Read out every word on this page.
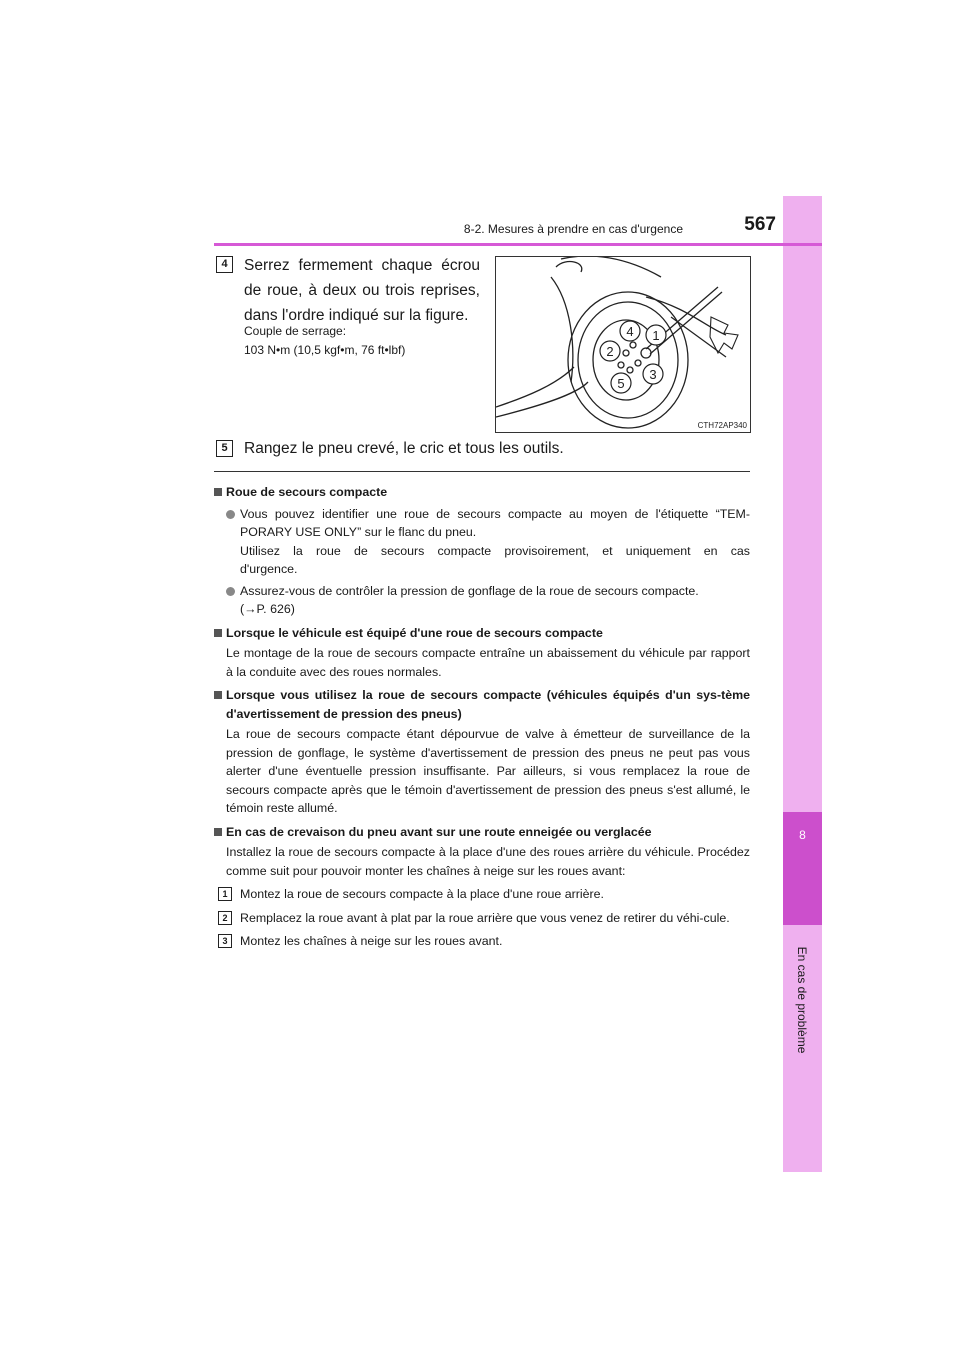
8
En cas de problème
8-2. Mesures à prendre en cas d'urgence	567
4	Serrez fermement chaque écrou de roue, à deux ou trois reprises, dans l'ordre indiqué sur la figure.
Couple de serrage:
103 N•m (10,5 kgf•m, 76 ft•lbf)
4 1
2
3
5
CTH72AP340
5	Rangez le pneu crevé, le cric et tous les outils.
Roue de secours compacte
Vous pouvez identifier une roue de secours compacte au moyen de l'étiquette “TEM-
PORARY USE ONLY” sur le flanc du pneu.
Utilisez la roue de secours compacte provisoirement, et uniquement en cas
d'urgence.
Assurez-vous de contrôler la pression de gonflage de la roue de secours compacte.
(→P. 626)
Lorsque le véhicule est équipé d'une roue de secours compacte
Le montage de la roue de secours compacte entraîne un abaissement du véhicule par rapport à la conduite avec des roues normales.
Lorsque vous utilisez la roue de secours compacte (véhicules équipés d'un sys-tème d'avertissement de pression des pneus)
La roue de secours compacte étant dépourvue de valve à émetteur de surveillance de la pression de gonflage, le système d'avertissement de pression des pneus ne peut pas vous alerter d'une éventuelle pression insuffisante. Par ailleurs, si vous remplacez la roue de secours compacte après que le témoin d'avertissement de pression des pneus s'est allumé, le témoin reste allumé.
En cas de crevaison du pneu avant sur une route enneigée ou verglacée
Installez la roue de secours compacte à la place d'une des roues arrière du véhicule. Procédez comme suit pour pouvoir monter les chaînes à neige sur les roues avant:
1	Montez la roue de secours compacte à la place d'une roue arrière.
2	Remplacez la roue avant à plat par la roue arrière que vous venez de retirer du véhi-cule.
3	Montez les chaînes à neige sur les roues avant.
